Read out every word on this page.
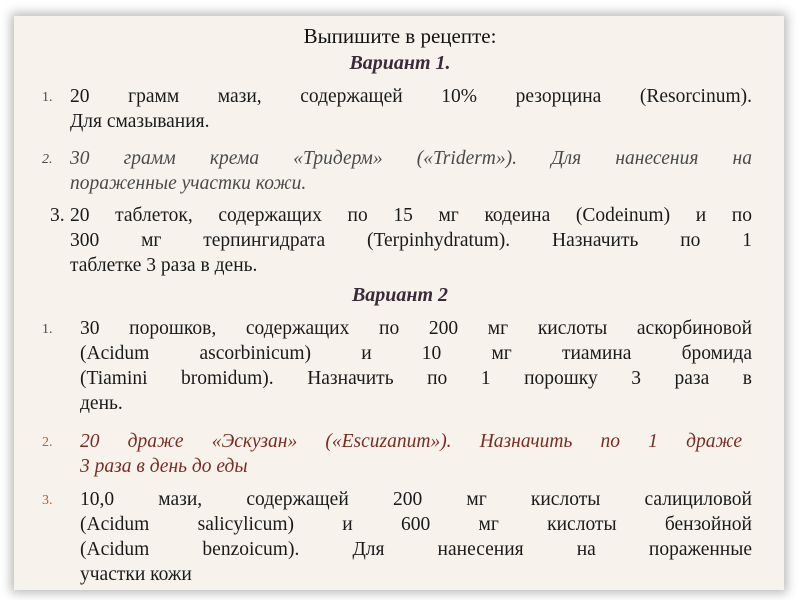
Выпишите в рецепте:
Вариант 1.
1. 20 грамм мази, содержащей 10% резорцина (Resorcinum).
Для смазывания.
2. 30 грамм крема «Тридерм» («Triderm»). Для нанесения на
пораженные участки кожи.
3. 20 таблеток, содержащих по 15 мг кодеина (Codeinum) и по
300 мг терпингидрата (Terpinhydratum). Назначить по 1
таблетке 3 раза в день.
Вариант 2
1. 30 порошков, содержащих по 200 мг кислоты аскорбиновой
(Acidum ascorbinicum) и 10 мг тиамина бромида
(Tiamini bromidum). Назначить по 1 порошку 3 раза в
день.
2. 20 драже «Эскузан» («Escuzanum»). Назначить по 1 драже
3 раза в день до еды
3. 10,0 мази, содержащей 200 мг кислоты салициловой
(Acidum salicylicum) и 600 мг кислоты бензойной
(Acidum benzoicum). Для нанесения на пораженные
участки кожи
